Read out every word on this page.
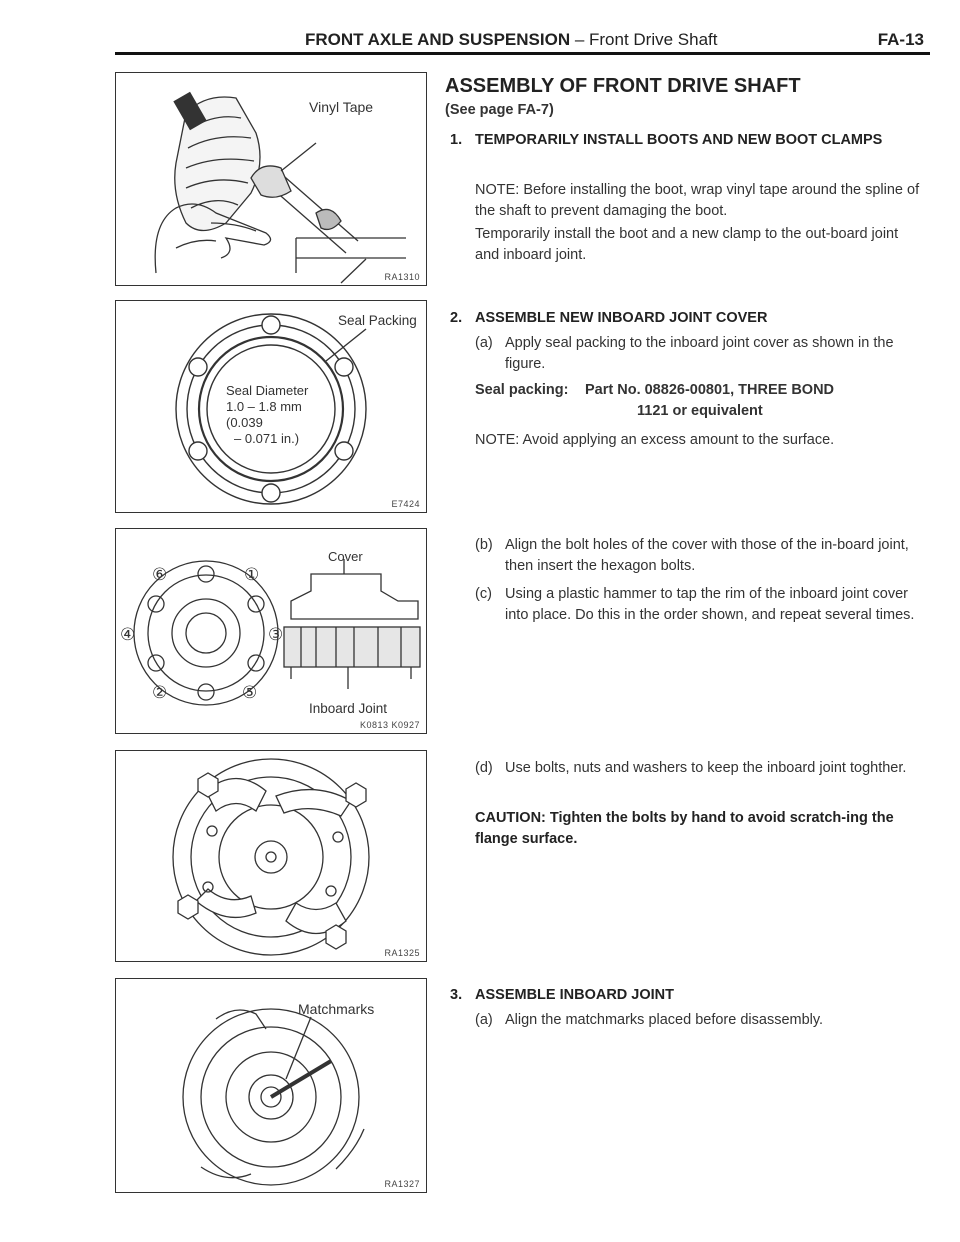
FRONT AXLE AND SUSPENSION – Front Drive Shaft	FA-13
Vinyl Tape
RA1310
Seal Packing
Seal Diameter
1.0 – 1.8 mm
(0.039
– 0.071 in.)
E7424
Cover
Inboard Joint
⑥	①
④	③
②	⑤
K0813 K0927
RA1325
Matchmarks
RA1327
ASSEMBLY OF FRONT DRIVE SHAFT
(See page FA-7)
1. TEMPORARILY INSTALL BOOTS AND NEW BOOT CLAMPS
NOTE: Before installing the boot, wrap vinyl tape around the spline of the shaft to prevent damaging the boot.
Temporarily install the boot and a new clamp to the out-board joint and inboard joint.
2. ASSEMBLE NEW INBOARD JOINT COVER
(a) Apply seal packing to the inboard joint cover as shown in the figure.
Seal packing: Part No. 08826-00801, THREE BOND

1121 or equivalent
NOTE: Avoid applying an excess amount to the surface.
(b) Align the bolt holes of the cover with those of the in-board joint, then insert the hexagon bolts.
(c) Using a plastic hammer to tap the rim of the inboard joint cover into place. Do this in the order shown, and repeat several times.
(d) Use bolts, nuts and washers to keep the inboard joint toghther.
CAUTION: Tighten the bolts by hand to avoid scratch-ing the flange surface.
3. ASSEMBLE INBOARD JOINT
(a) Align the matchmarks placed before disassembly.
